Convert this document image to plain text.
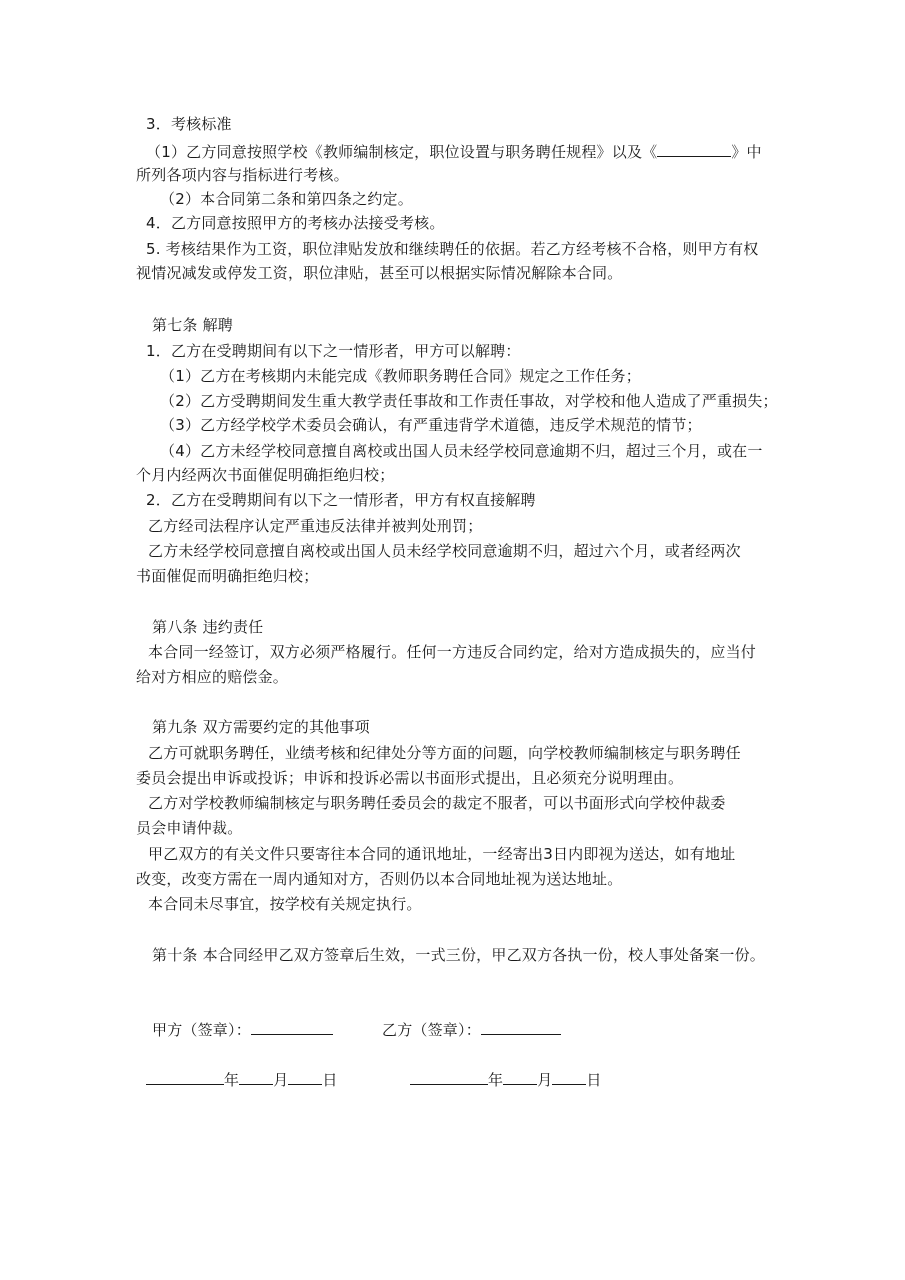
3．考核标准
（1）乙方同意按照学校《教师编制核定，职位设置与职务聘任规程》以及《	》中
所列各项内容与指标进行考核。
（2）本合同第二条和第四条之约定。
4．乙方同意按照甲方的考核办法接受考核。
5. 考核结果作为工资，职位津贴发放和继续聘任的依据。若乙方经考核不合格，则甲方有权
视情况减发或停发工资，职位津贴，甚至可以根据实际情况解除本合同。
第七条 解聘
1．乙方在受聘期间有以下之一情形者，甲方可以解聘：
（1）乙方在考核期内未能完成《教师职务聘任合同》规定之工作任务；
（2）乙方受聘期间发生重大教学责任事故和工作责任事故，对学校和他人造成了严重损失；
（3）乙方经学校学术委员会确认，有严重违背学术道德，违反学术规范的情节；
（4）乙方未经学校同意擅自离校或出国人员未经学校同意逾期不归，超过三个月，或在一
个月内经两次书面催促明确拒绝归校；
2．乙方在受聘期间有以下之一情形者，甲方有权直接解聘
乙方经司法程序认定严重违反法律并被判处刑罚；
乙方未经学校同意擅自离校或出国人员未经学校同意逾期不归，超过六个月，或者经两次
书面催促而明确拒绝归校；
第八条 违约责任
本合同一经签订，双方必须严格履行。任何一方违反合同约定，给对方造成损失的，应当付
给对方相应的赔偿金。
第九条 双方需要约定的其他事项
乙方可就职务聘任，业绩考核和纪律处分等方面的问题，向学校教师编制核定与职务聘任
委员会提出申诉或投诉；申诉和投诉必需以书面形式提出，且必须充分说明理由。
乙方对学校教师编制核定与职务聘任委员会的裁定不服者，可以书面形式向学校仲裁委
员会申请仲裁。
甲乙双方的有关文件只要寄往本合同的通讯地址，一经寄出3日内即视为送达，如有地址
改变，改变方需在一周内通知对方，否则仍以本合同地址视为送达地址。
本合同未尽事宜，按学校有关规定执行。
第十条 本合同经甲乙双方签章后生效，一式三份，甲乙双方各执一份，校人事处备案一份。
甲方（签章）：	乙方（签章）：
年 月 日	年 月 日
